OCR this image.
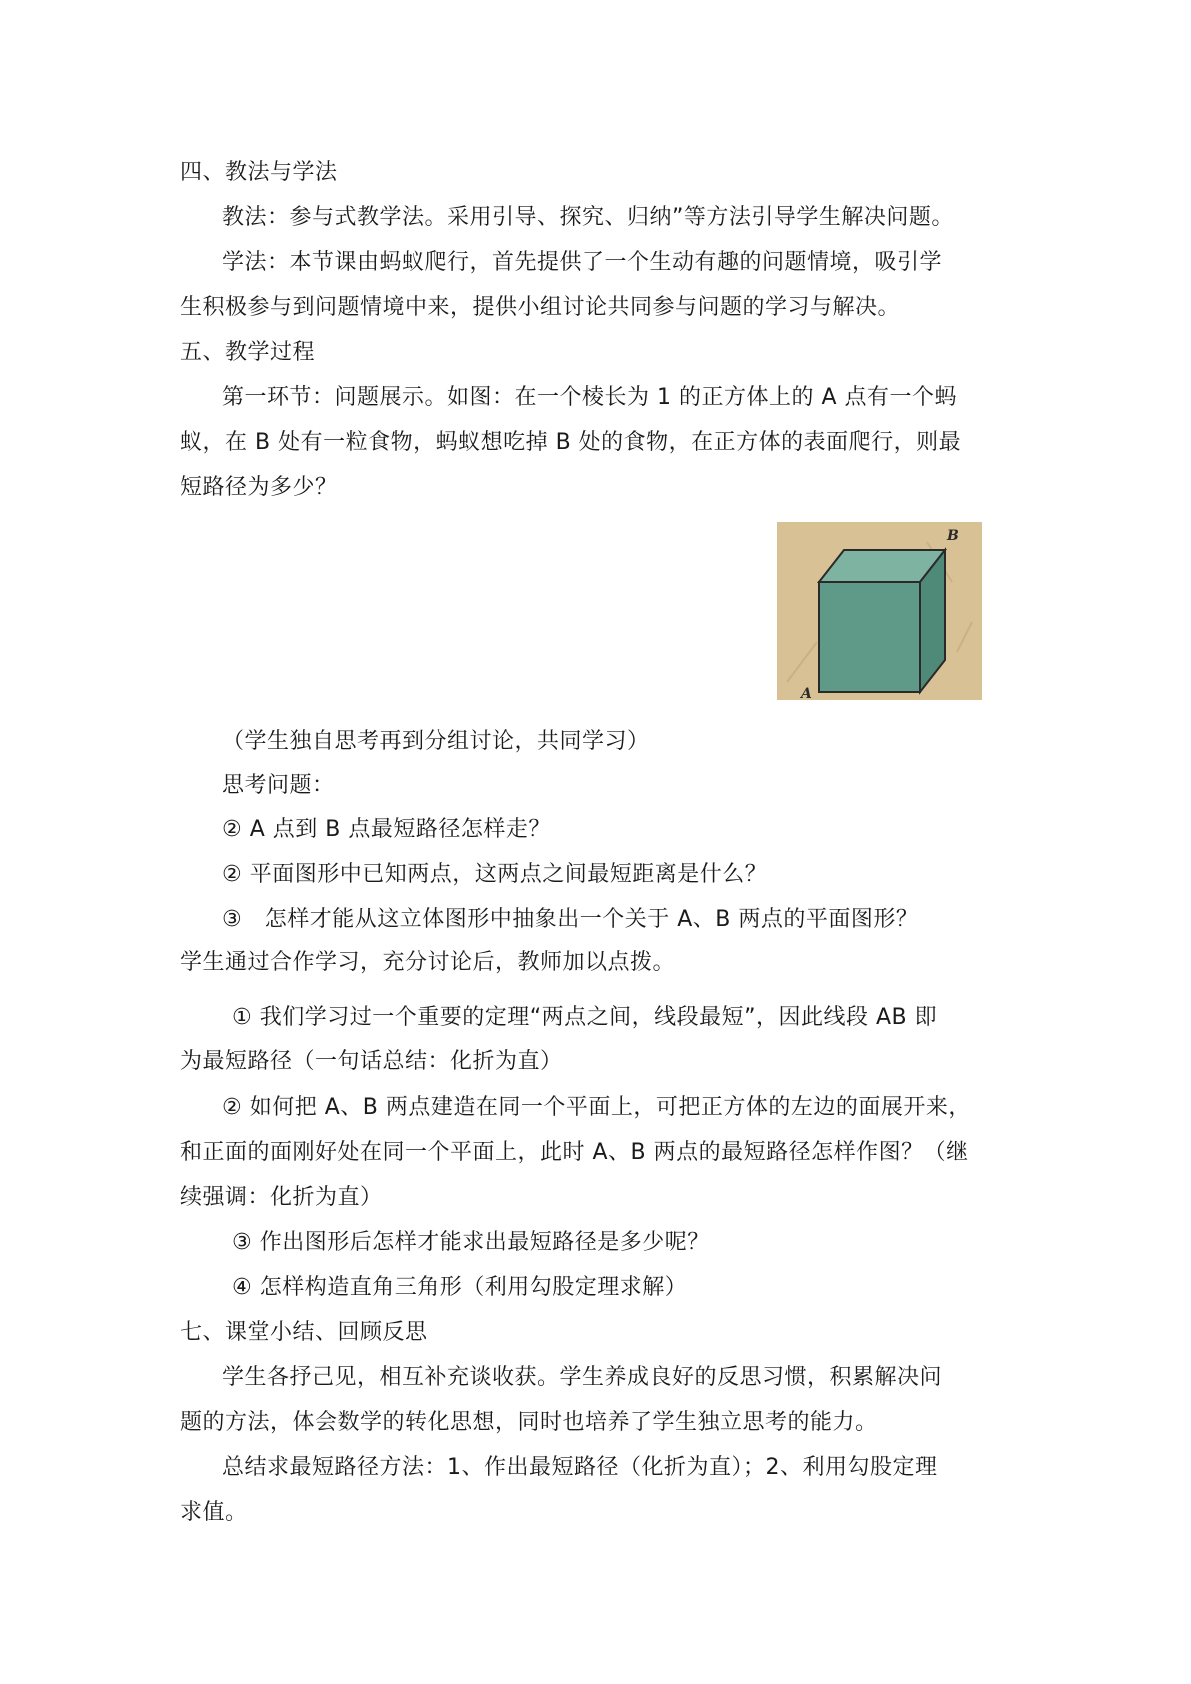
四、教法与学法
教法：参与式教学法。采用引导、探究、归纳”等方法引导学生解决问题。
学法：本节课由蚂蚁爬行，首先提供了一个生动有趣的问题情境，吸引学
生积极参与到问题情境中来，提供小组讨论共同参与问题的学习与解决。
五、教学过程
第一环节：问题展示。如图：在一个棱长为 1 的正方体上的 A 点有一个蚂
蚁，在 B 处有一粒食物，蚂蚁想吃掉 B 处的食物，在正方体的表面爬行，则最
短路径为多少？
A
B
（学生独自思考再到分组讨论，共同学习）
思考问题：
② A 点到 B 点最短路径怎样走？
② 平面图形中已知两点，这两点之间最短距离是什么？
③　怎样才能从这立体图形中抽象出一个关于 A、B 两点的平面图形？
学生通过合作学习，充分讨论后，教师加以点拨。
① 我们学习过一个重要的定理“两点之间，线段最短”，因此线段 AB 即
为最短路径（一句话总结：化折为直）
② 如何把 A、B 两点建造在同一个平面上，可把正方体的左边的面展开来，
和正面的面刚好处在同一个平面上，此时 A、B 两点的最短路径怎样作图？（继
续强调：化折为直）
③ 作出图形后怎样才能求出最短路径是多少呢？
④ 怎样构造直角三角形（利用勾股定理求解）
七、课堂小结、回顾反思
学生各抒己见，相互补充谈收获。学生养成良好的反思习惯，积累解决问
题的方法，体会数学的转化思想，同时也培养了学生独立思考的能力。
总结求最短路径方法：1、作出最短路径（化折为直）；2、利用勾股定理
求值。
